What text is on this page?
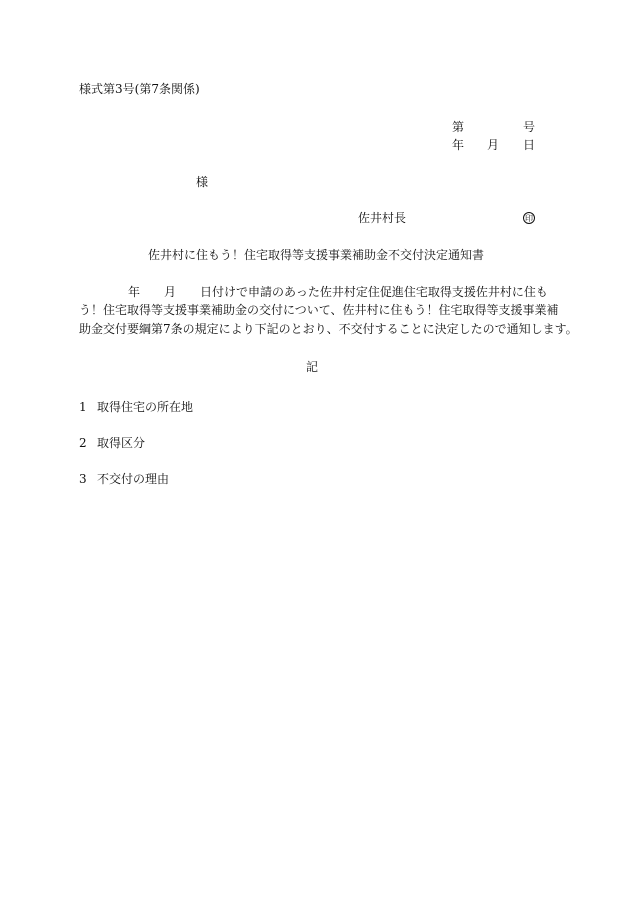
様式第3号(第7条関係)
第	号
年 月 日
様
佐井村長	印
佐井村に住もう！住宅取得等支援事業補助金不交付決定通知書
年 月 日付けで申請のあった佐井村定住促進住宅取得支援佐井村に住も
う！住宅取得等支援事業補助金の交付について、佐井村に住もう！住宅取得等支援事業補
助金交付要綱第7条の規定により下記のとおり、不交付することに決定したので通知します。
記
1 取得住宅の所在地
2 取得区分
3 不交付の理由
